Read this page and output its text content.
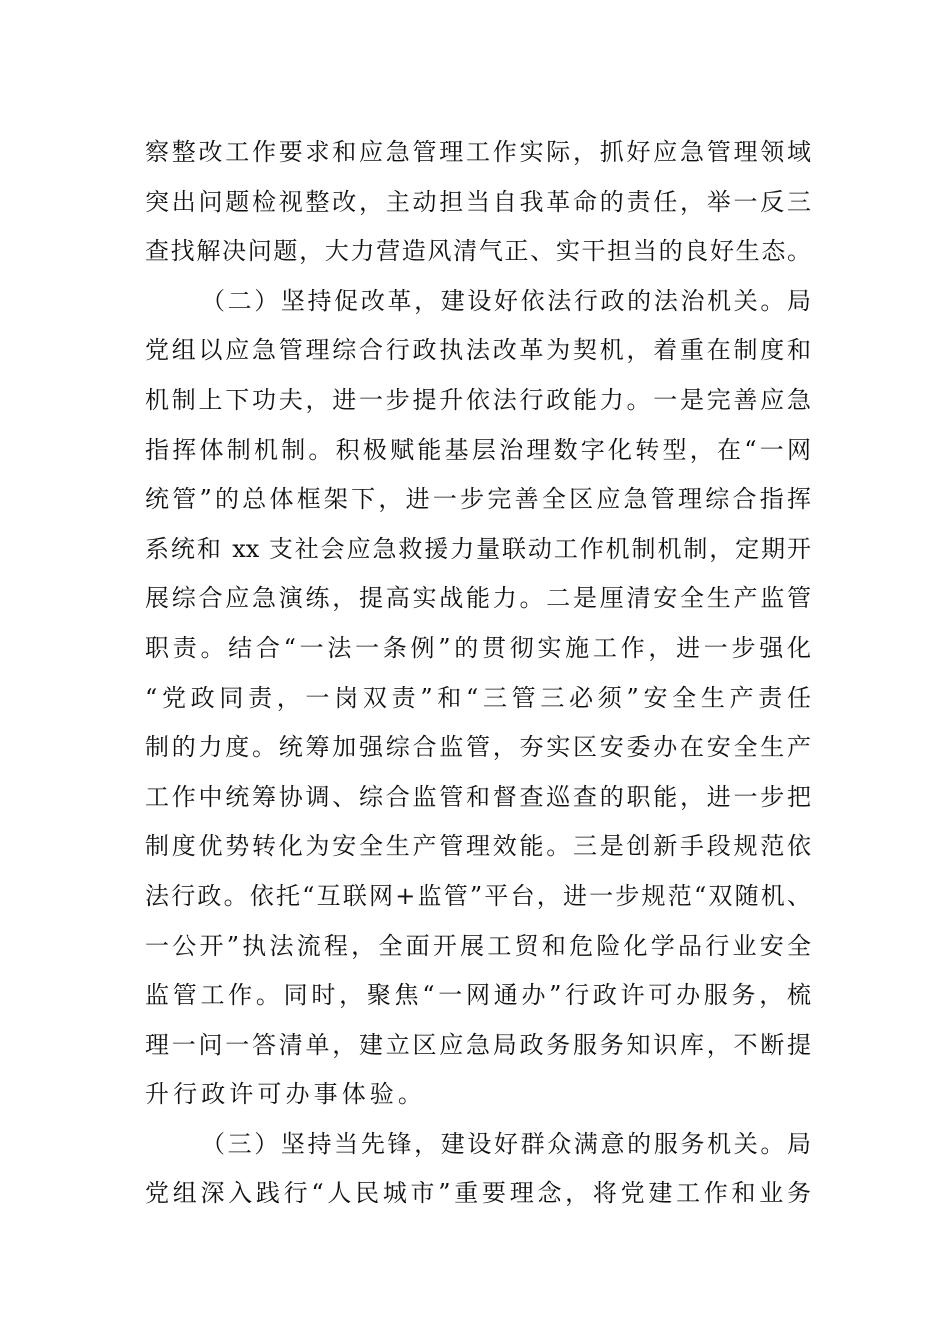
察整改工作要求和应急管理工作实际，抓好应急管理领域
突出问题检视整改，主动担当自我革命的责任，举一反三
查找解决问题，大力营造风清气正、实干担当的良好生态。
（二）坚持促改革，建设好依法行政的法治机关。局
党组以应急管理综合行政执法改革为契机，着重在制度和
机制上下功夫，进一步提升依法行政能力。一是完善应急
指挥体制机制。积极赋能基层治理数字化转型，在“一网
统管”的总体框架下，进一步完善全区应急管理综合指挥
系统和 xx 支社会应急救援力量联动工作机制机制，定期开
展综合应急演练，提高实战能力。二是厘清安全生产监管
职责。结合“一法一条例”的贯彻实施工作，进一步强化
“党政同责，一岗双责”和“三管三必须”安全生产责任
制的力度。统筹加强综合监管，夯实区安委办在安全生产
工作中统筹协调、综合监管和督查巡查的职能，进一步把
制度优势转化为安全生产管理效能。三是创新手段规范依
法行政。依托“互联网+监管”平台，进一步规范“双随机、
一公开”执法流程，全面开展工贸和危险化学品行业安全
监管工作。同时，聚焦“一网通办”行政许可办服务，梳
理一问一答清单，建立区应急局政务服务知识库，不断提
升行政许可办事体验。
（三）坚持当先锋，建设好群众满意的服务机关。局
党组深入践行“人民城市”重要理念，将党建工作和业务
